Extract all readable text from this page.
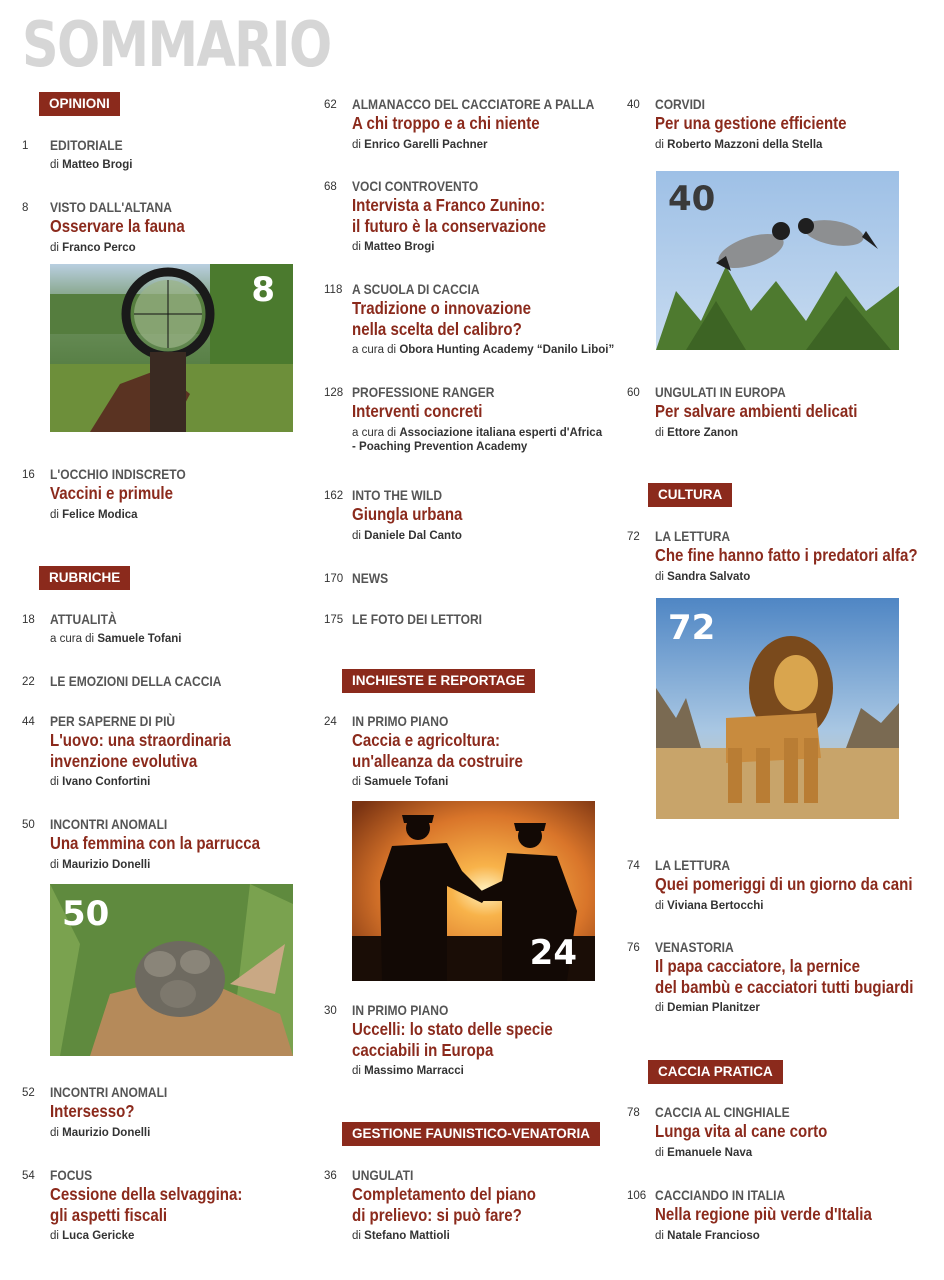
SOMMARIO
OPINIONI
1	EDITORIALE
di Matteo Brogi
8	VISTO DALL'ALTANA
Osservare la fauna
di Franco Perco
8
16	L'OCCHIO INDISCRETO
Vaccini e primule
di Felice Modica
RUBRICHE
18	ATTUALITÀ
a cura di Samuele Tofani
22	LE EMOZIONI DELLA CACCIA
44	PER SAPERNE DI PIÙ
L'uovo: una straordinaria
invenzione evolutiva
di Ivano Confortini
50	INCONTRI ANOMALI
Una femmina con la parrucca
di Maurizio Donelli
50
52	INCONTRI ANOMALI
Intersesso?
di Maurizio Donelli
54	FOCUS
Cessione della selvaggina:
gli aspetti fiscali
di Luca Gericke
62	ALMANACCO DEL CACCIATORE A PALLA
A chi troppo e a chi niente
di Enrico Garelli Pachner
68	VOCI CONTROVENTO
Intervista a Franco Zunino:
il futuro è la conservazione
di Matteo Brogi
118 A SCUOLA DI CACCIA
Tradizione o innovazione
nella scelta del calibro?
a cura di Obora Hunting Academy “Danilo Liboi”
128 PROFESSIONE RANGER
Interventi concreti
a cura di Associazione italiana esperti d'Africa
- Poaching Prevention Academy
162 INTO THE WILD
Giungla urbana
di Daniele Dal Canto
170 NEWS
175 LE FOTO DEI LETTORI
INCHIESTE E REPORTAGE
24	IN PRIMO PIANO
Caccia e agricoltura:
un'alleanza da costruire
di Samuele Tofani
24
30	IN PRIMO PIANO
Uccelli: lo stato delle specie
cacciabili in Europa
di Massimo Marracci
GESTIONE FAUNISTICO-VENATORIA
36	UNGULATI
Completamento del piano
di prelievo: si può fare?
di Stefano Mattioli
40	CORVIDI
Per una gestione efficiente
di Roberto Mazzoni della Stella
40
60	UNGULATI IN EUROPA
Per salvare ambienti delicati
di Ettore Zanon
CULTURA
72	LA LETTURA
Che fine hanno fatto i predatori alfa?
di Sandra Salvato
72
74	LA LETTURA
Quei pomeriggi di un giorno da cani
di Viviana Bertocchi
76	VENASTORIA
Il papa cacciatore, la pernice
del bambù e cacciatori tutti bugiardi
di Demian Planitzer
CACCIA PRATICA
78	CACCIA AL CINGHIALE
Lunga vita al cane corto
di Emanuele Nava
106 CACCIANDO IN ITALIA
Nella regione più verde d'Italia
di Natale Francioso
